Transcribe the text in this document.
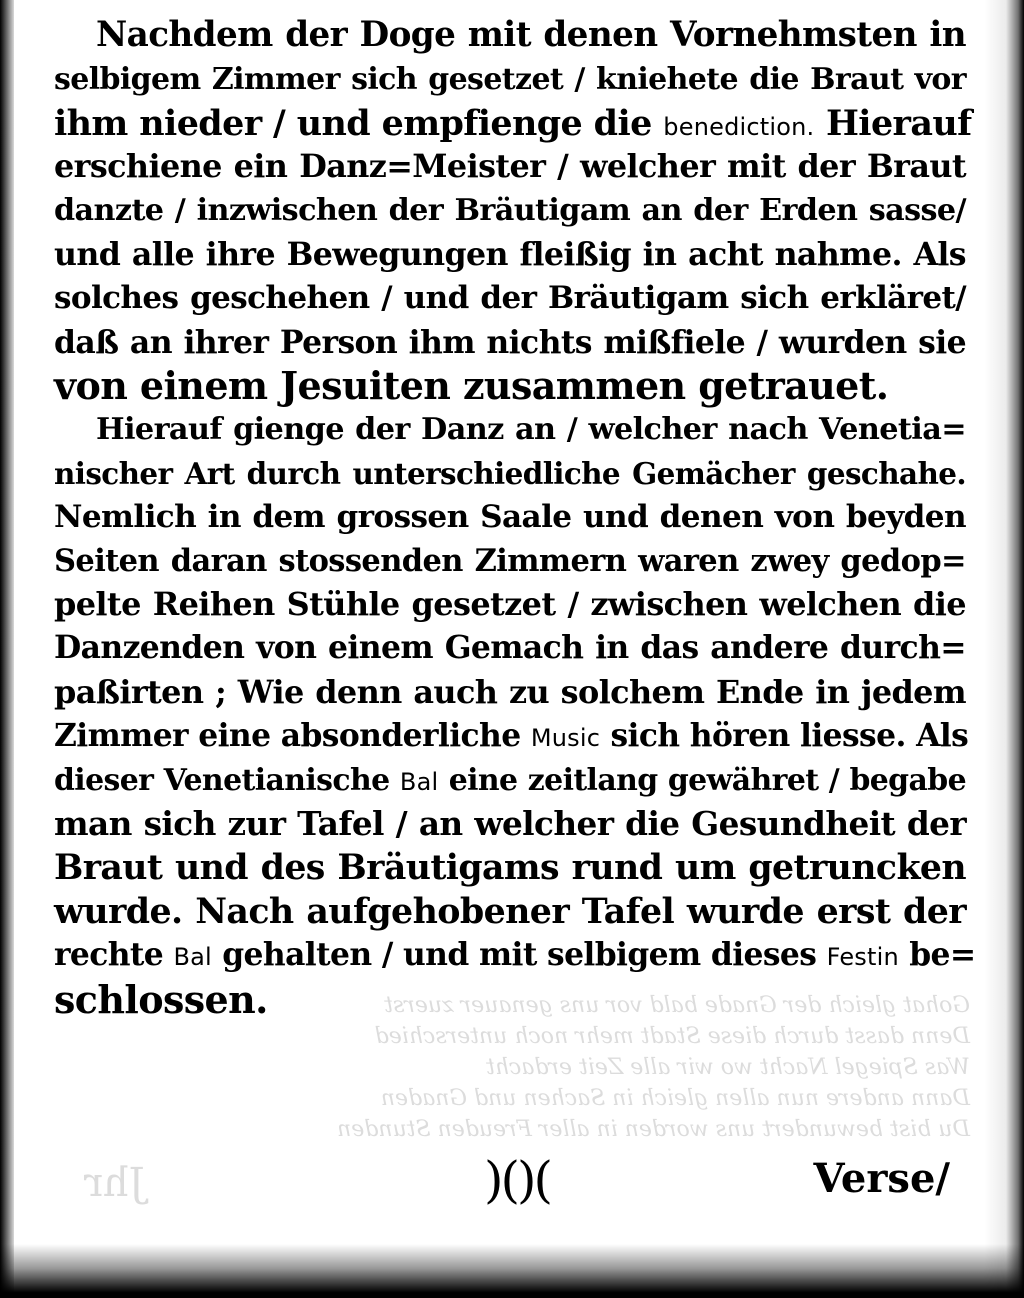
Gohat gleich der Gnade bald vor uns genauer zuerst
Denn dasst durch diese Stadt mehr noch unterschied
Was Spiegel Nacht wo wir alle Zeit erdacht
Dann andere nun allen gleich in Sachen und Gnaden
Du bist bewundert uns worden in aller Freuden Stunden
Nachdem der Doge mit denen Vornehmsten in
selbigem Zimmer sich gesetzet / kniehete die Braut vor
ihm nieder / und empfienge die benediction. Hierauf
erschiene ein Danz=Meister / welcher mit der Braut
danzte / inzwischen der Bräutigam an der Erden sasse/
und alle ihre Bewegungen fleißig in acht nahme. Als
solches geschehen / und der Bräutigam sich erkläret/
daß an ihrer Person ihm nichts mißfiele / wurden sie
von einem Jesuiten zusammen getrauet.
Hierauf gienge der Danz an / welcher nach Venetia=
nischer Art durch unterschiedliche Gemächer geschahe.
Nemlich in dem grossen Saale und denen von beyden
Seiten daran stossenden Zimmern waren zwey gedop=
pelte Reihen Stühle gesetzet / zwischen welchen die
Danzenden von einem Gemach in das andere durch=
paßirten ; Wie denn auch zu solchem Ende in jedem
Zimmer eine absonderliche Music sich hören liesse. Als
dieser Venetianische Bal eine zeitlang gewähret / begabe
man sich zur Tafel / an welcher die Gesundheit der
Braut und des Bräutigams rund um getruncken
wurde. Nach aufgehobener Tafel wurde erst der
rechte Bal gehalten / und mit selbigem dieses Festin be=
schlossen.
Jhr	)()(	Verse/
